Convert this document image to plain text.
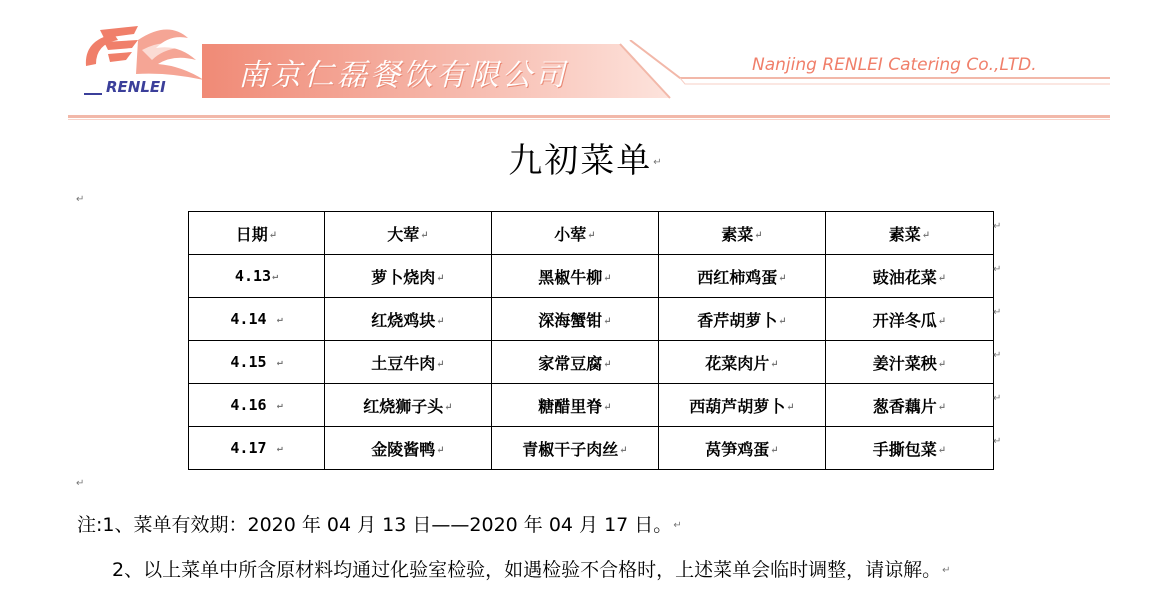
RENLEI 南京仁磊餐饮有限公司	Nanjing RENLEI Catering Co.,LTD.
九初菜单↵
↵
日期↵	大荤↵	小荤↵	素菜↵	素菜↵
4.13↵	萝卜烧肉↵	黑椒牛柳↵	西红柿鸡蛋↵	豉油花菜↵
4.14 ↵	红烧鸡块↵	深海蟹钳↵	香芹胡萝卜↵	开洋冬瓜↵
4.15 ↵	土豆牛肉↵	家常豆腐↵	花菜肉片↵	姜汁菜秧↵
4.16 ↵	红烧狮子头↵	糖醋里脊↵	西葫芦胡萝卜↵	葱香藕片↵
4.17 ↵	金陵酱鸭↵	青椒干子肉丝↵	莴笋鸡蛋↵	手撕包菜↵
↵
↵
↵
↵
↵
↵
↵
注:1、菜单有效期：2020 年 04 月 13 日——2020 年 04 月 17 日。↵
2、以上菜单中所含原材料均通过化验室检验，如遇检验不合格时，上述菜单会临时调整，请谅解。↵
